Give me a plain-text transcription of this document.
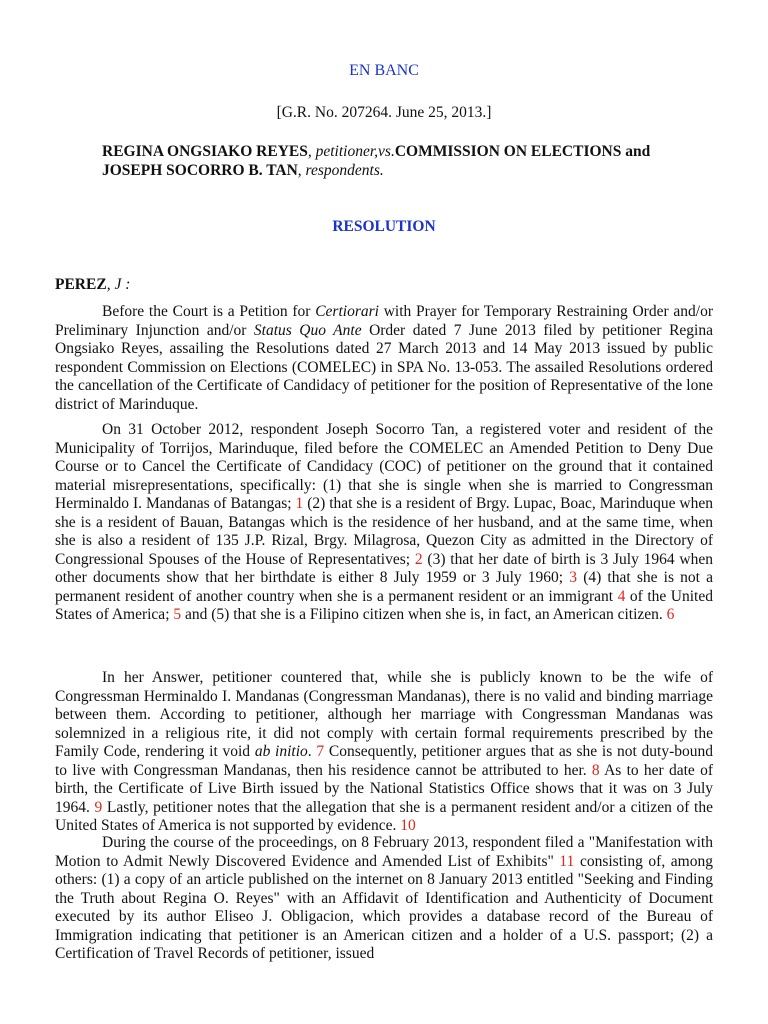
EN BANC
[G.R. No. 207264. June 25, 2013.]
REGINA ONGSIAKO REYES, petitioner,vs.COMMISSION ON ELECTIONS and JOSEPH SOCORRO B. TAN, respondents.
RESOLUTION
PEREZ, J :

Before the Court is a Petition for Certiorari with Prayer for Temporary Restraining Order and/or Preliminary Injunction and/or Status Quo Ante Order dated 7 June 2013 filed by petitioner Regina Ongsiako Reyes, assailing the Resolutions dated 27 March 2013 and 14 May 2013 issued by public respondent Commission on Elections (COMELEC) in SPA No. 13-053. The assailed Resolutions ordered the cancellation of the Certificate of Candidacy of petitioner for the position of Representative of the lone district of Marinduque.

On 31 October 2012, respondent Joseph Socorro Tan, a registered voter and resident of the Municipality of Torrijos, Marinduque, filed before the COMELEC an Amended Petition to Deny Due Course or to Cancel the Certificate of Candidacy (COC) of petitioner on the ground that it contained material misrepresentations, specifically: (1) that she is single when she is married to Congressman Herminaldo I. Mandanas of Batangas; 1 (2) that she is a resident of Brgy. Lupac, Boac, Marinduque when she is a resident of Bauan, Batangas which is the residence of her husband, and at the same time, when she is also a resident of 135 J.P. Rizal, Brgy. Milagrosa, Quezon City as admitted in the Directory of Congressional Spouses of the House of Representatives; 2 (3) that her date of birth is 3 July 1964 when other documents show that her birthdate is either 8 July 1959 or 3 July 1960; 3 (4) that she is not a permanent resident of another country when she is a permanent resident or an immigrant 4 of the United States of America; 5 and (5) that she is a Filipino citizen when she is, in fact, an American citizen. 6

In her Answer, petitioner countered that, while she is publicly known to be the wife of Congressman Herminaldo I. Mandanas (Congressman Mandanas), there is no valid and binding marriage between them. According to petitioner, although her marriage with Congressman Mandanas was solemnized in a religious rite, it did not comply with certain formal requirements prescribed by the Family Code, rendering it void ab initio. 7 Consequently, petitioner argues that as she is not duty-bound to live with Congressman Mandanas, then his residence cannot be attributed to her. 8 As to her date of birth, the Certificate of Live Birth issued by the National Statistics Office shows that it was on 3 July 1964. 9 Lastly, petitioner notes that the allegation that she is a permanent resident and/or a citizen of the United States of America is not supported by evidence. 10

During the course of the proceedings, on 8 February 2013, respondent filed a "Manifestation with Motion to Admit Newly Discovered Evidence and Amended List of Exhibits" 11 consisting of, among others: (1) a copy of an article published on the internet on 8 January 2013 entitled "Seeking and Finding the Truth about Regina O. Reyes" with an Affidavit of Identification and Authenticity of Document executed by its author Eliseo J. Obligacion, which provides a database record of the Bureau of Immigration indicating that petitioner is an American citizen and a holder of a U.S. passport; (2) a Certification of Travel Records of petitioner, issued
